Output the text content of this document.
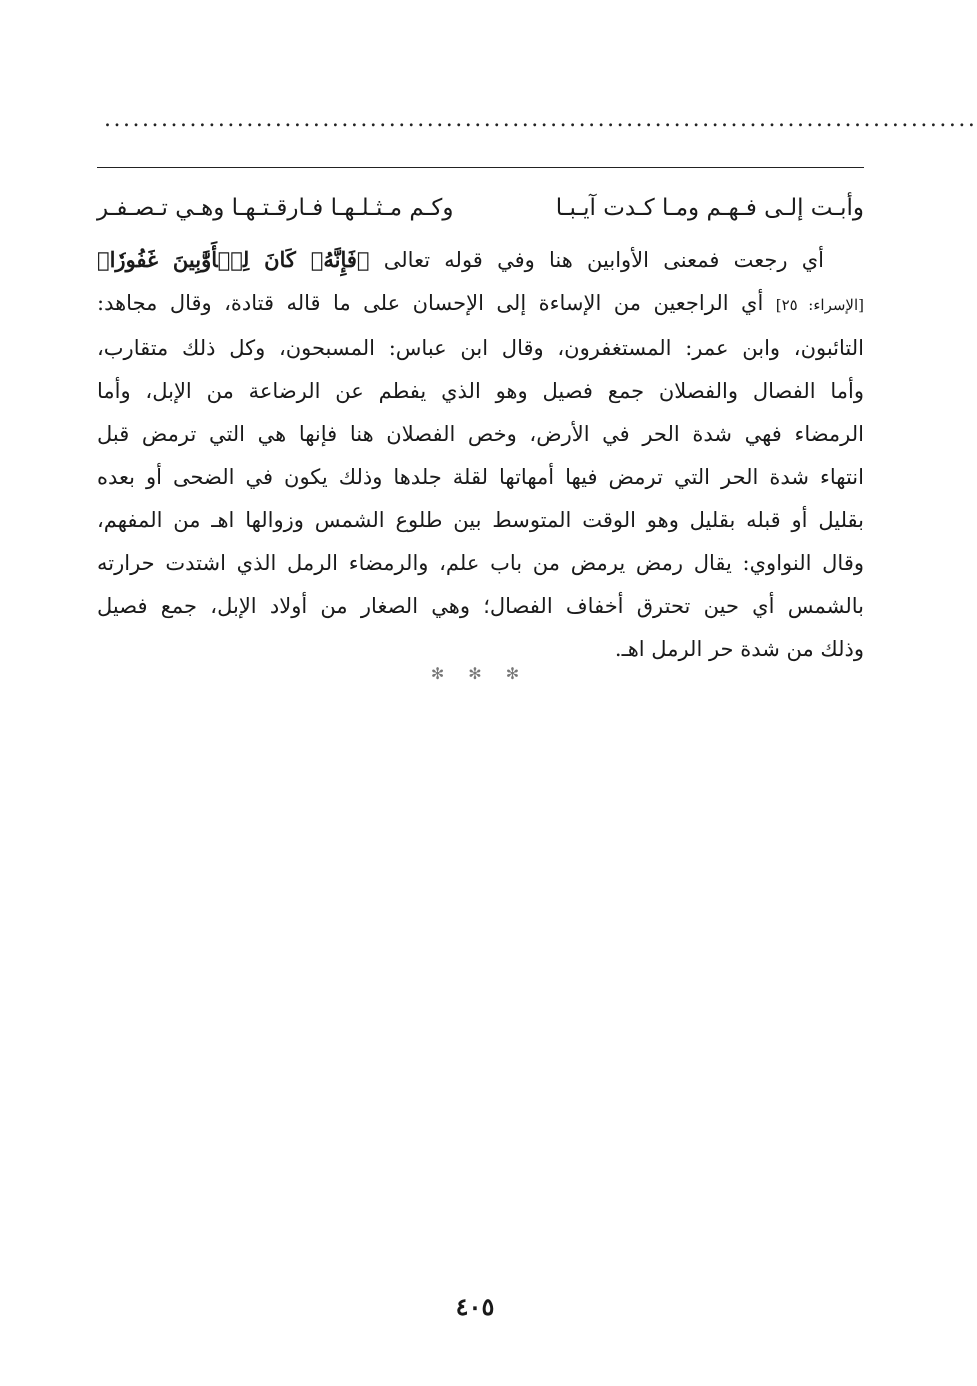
............................................................................................
وأبـت إلـى فـهـم ومـا كـدت آيـبـا
وكـم مـثـلـهـا فـارقـتـهـا وهـي تـصـفـر
أي رجعت فمعنى الأوابين هنا وفي قوله تعالى ﴿فَإِنَّهُۥ كَانَ لِلۡأَوَّٰبِينَ غَفُورٗا﴾
[الإسراء: ٢٥] أي الراجعين من الإساءة إلى الإحسان على ما قاله قتادة، وقال مجاهد:
التائبون، وابن عمر: المستغفرون، وقال ابن عباس: المسبحون، وكل ذلك متقارب،
وأما الفصال والفصلان جمع فصيل وهو الذي يفطم عن الرضاعة من الإبل، وأما
الرمضاء فهي شدة الحر في الأرض، وخص الفصلان هنا فإنها هي التي ترمض قبل
انتهاء شدة الحر التي ترمض فيها أمهاتها لقلة جلدها وذلك يكون في الضحى أو بعده
بقليل أو قبله بقليل وهو الوقت المتوسط بين طلوع الشمس وزوالها اهـ من المفهم،
وقال النواوي: يقال رمض يرمض من باب علم، والرمضاء الرمل الذي اشتدت حرارته
بالشمس أي حين تحترق أخفاف الفصال؛ وهي الصغار من أولاد الإبل، جمع فصيل
وذلك من شدة حر الرمل اهـ.
✻✻✻
٤٠٥
